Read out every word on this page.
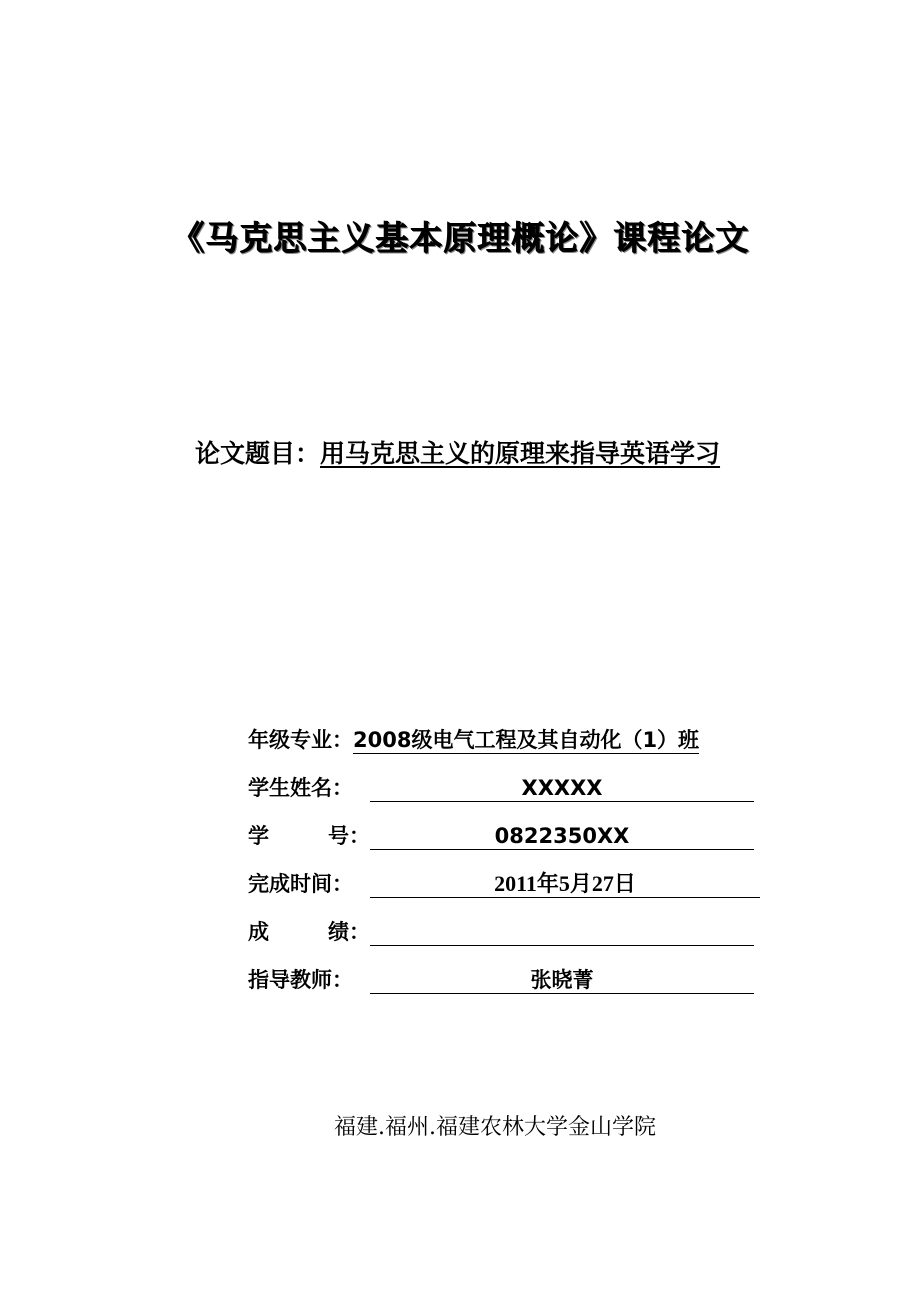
《马克思主义基本原理概论》课程论文
论文题目：用马克思主义的原理来指导英语学习
年级专业： 2008级电气工程及其自动化（1）班
学生姓名：	XXXXX
学	号：	0822350XX
完成时间：	2011年5月27日
成	绩：
指导教师：	张晓菁
福建.福州.福建农林大学金山学院
